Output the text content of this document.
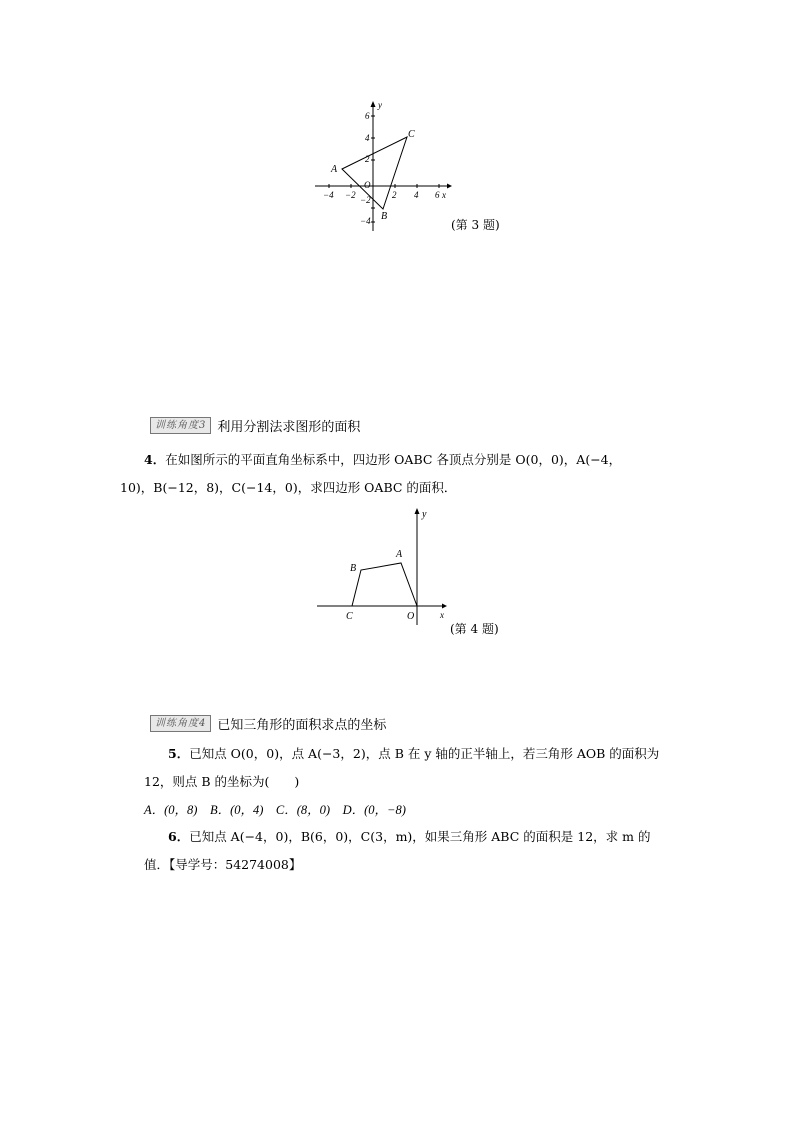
−4 −2	2 4 6 x
6
4
2
−2
−4
y
O
A
B
C
(第 3 题)
训练角度3 利用分割法求图形的面积
4．在如图所示的平面直角坐标系中，四边形 OABC 各顶点分别是 O(0，0)，A(−4，
10)，B(−12，8)，C(−14，0)，求四边形 OABC 的面积．
y
x
A
B
C	O
(第 4 题)
训练角度4 已知三角形的面积求点的坐标
5．已知点 O(0，0)，点 A(−3，2)，点 B 在 y 轴的正半轴上，若三角形 AOB 的面积为
12，则点 B 的坐标为(　　)
A．(0，8)　B．(0，4)　C．(8，0)　D．(0，−8)
6．已知点 A(−4，0)，B(6，0)，C(3，m)，如果三角形 ABC 的面积是 12，求 m 的
值．【导学号：54274008】
